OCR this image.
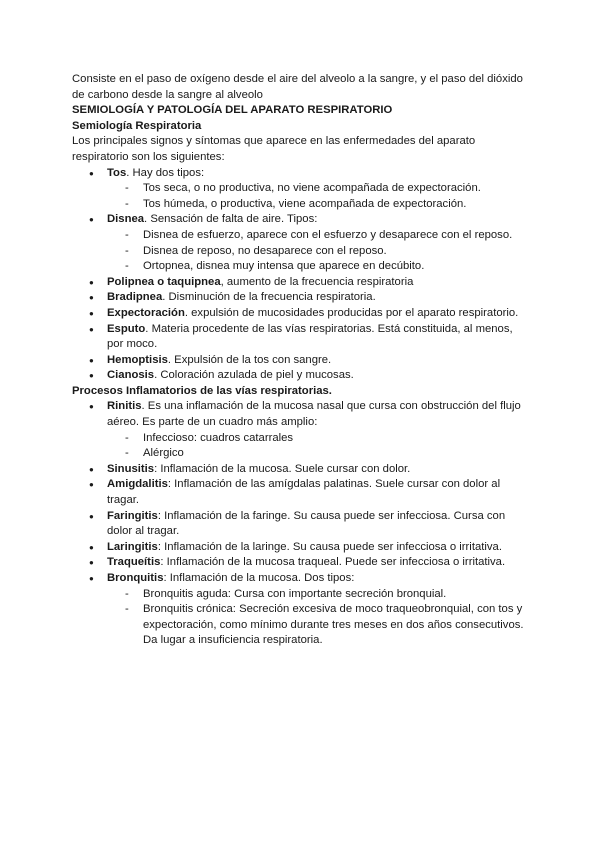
Consiste en el paso de oxígeno desde el aire del alveolo a la sangre, y el paso del dióxido de carbono desde la sangre al alveolo

SEMIOLOGÍA Y PATOLOGÍA DEL APARATO RESPIRATORIO

Semiología Respiratoria

Los principales signos y síntomas que aparece en las enfermedades del aparato respiratorio son los siguientes:

● Tos. Hay dos tipos:
- Tos seca, o no productiva, no viene acompañada de expectoración.
- Tos húmeda, o productiva, viene acompañada de expectoración.
● Disnea. Sensación de falta de aire. Tipos:
- Disnea de esfuerzo, aparece con el esfuerzo y desaparece con el reposo.
- Disnea de reposo, no desaparece con el reposo.
- Ortopnea, disnea muy intensa que aparece en decúbito.
● Polipnea o taquipnea, aumento de la frecuencia respiratoria
● Bradipnea. Disminución de la frecuencia respiratoria.
● Expectoración. expulsión de mucosidades producidas por el aparato respiratorio.
● Esputo. Materia procedente de las vías respiratorias. Está constituida, al menos, por moco.
● Hemoptisis. Expulsión de la tos con sangre.
● Cianosis. Coloración azulada de piel y mucosas.

Procesos Inflamatorios de las vías respiratorias.

● Rinitis. Es una inflamación de la mucosa nasal que cursa con obstrucción del flujo aéreo. Es parte de un cuadro más amplio:
- Infeccioso: cuadros catarrales
- Alérgico
● Sinusitis: Inflamación de la mucosa. Suele cursar con dolor.
● Amigdalitis: Inflamación de las amígdalas palatinas. Suele cursar con dolor al tragar.
● Faringitis: Inflamación de la faringe. Su causa puede ser infecciosa. Cursa con dolor al tragar.
● Laringitis: Inflamación de la laringe. Su causa puede ser infecciosa o irritativa.
● Traqueítis: Inflamación de la mucosa traqueal. Puede ser infecciosa o irritativa.
● Bronquitis: Inflamación de la mucosa. Dos tipos:
- Bronquitis aguda: Cursa con importante secreción bronquial.
- Bronquitis crónica: Secreción excesiva de moco traqueobronquial, con tos y expectoración, como mínimo durante tres meses en dos años consecutivos. Da lugar a insuficiencia respiratoria.
